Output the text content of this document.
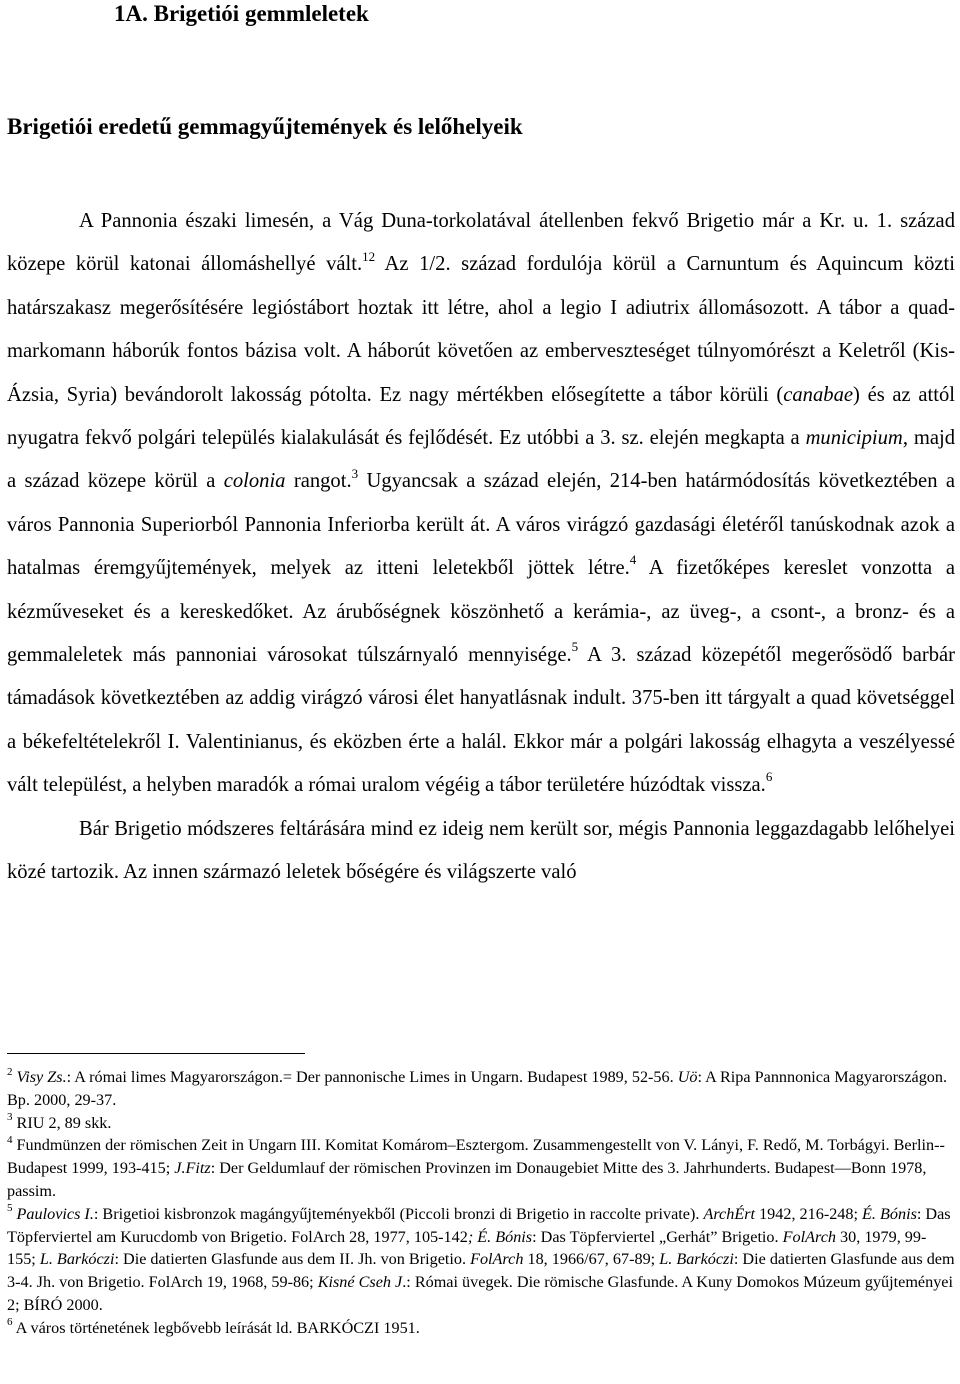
1A. Brigetiói gemmleletek
Brigetiói eredetű gemmagyűjtemények és lelőhelyeik

A Pannonia északi limesén, a Vág Duna-torkolatával átellenben fekvő Brigetio már a Kr. u. 1. század közepe körül katonai állomáshellyé vált.$^{12}$ Az 1/2. század fordulója körül a Carnuntum és Aquincum közti határszakasz megerősítésére legióstábort hoztak itt létre, ahol a legio I adiutrix állomásozott. A tábor a quad-markomann háborúk fontos bázisa volt. A háborút követően az emberveszteséget túlnyomórészt a Keletről (Kis-Ázsia, Syria) bevándorolt lakosság pótolta. Ez nagy mértékben elősegítette a tábor körüli (canabae) és az attól nyugatra fekvő polgári település kialakulását és fejlődését. Ez utóbbi a 3. sz. elején megkapta a municipium, majd a század közepe körül a colonia rangot.$^3$ Ugyancsak a század elején, 214-ben határmódosítás következtében a város Pannonia Superiorból Pannonia Inferiorba került át. A város virágzó gazdasági életéről tanúskodnak azok a hatalmas éremgyűjtemények, melyek az itteni leletekből jöttek létre.$^4$ A fizetőképes kereslet vonzotta a kézműveseket és a kereskedőket. Az árubőségnek köszönhető a kerámia-, az üveg-, a csont-, a bronz- és a gemmaleletek más pannoniai városokat túlszárnyaló mennyisége.$^5$ A 3. század közepétől megerősödő barbár támadások következtében az addig virágzó városi élet hanyatlásnak indult. 375-ben itt tárgyalt a quad követséggel a békefeltételekről I. Valentinianus, és eközben érte a halál. Ekkor már a polgári lakosság elhagyta a veszélyessé vált települést, a helyben maradók a római uralom végéig a tábor területére húzódtak vissza.$^6$

Bár Brigetio módszeres feltárására mind ez ideig nem került sor, mégis Pannonia leggazdagabb lelőhelyei közé tartozik. Az innen származó leletek bőségére és világszerte való

$^2$ Visy Zs.: A római limes Magyarországon.= Der pannonische Limes in Ungarn. Budapest 1989, 52-56. Uö: A Ripa Pannnonica Magyarországon. Bp. 2000, 29-37.

$^3$ RIU 2, 89 skk.

$^4$ Fundmünzen der römischen Zeit in Ungarn III. Komitat Komárom–Esztergom. Zusammengestellt von V. Lányi, F. Redő, M. Torbágyi. Berlin--Budapest 1999, 193-415; J.Fitz: Der Geldumlauf der römischen Provinzen im Donaugebiet Mitte des 3. Jahrhunderts. Budapest—Bonn 1978, passim.

$^5$ Paulovics I.: Brigetioi kisbronzok magángyűjteményekből (Piccoli bronzi di Brigetio in raccolte private). ArchÉrt 1942, 216-248; É. Bónis: Das Töpferviertel am Kurucdomb von Brigetio. FolArch 28, 1977, 105-142; É. Bónis: Das Töpferviertel „Gerhát” Brigetio. FolArch 30, 1979, 99-155; L. Barkóczi: Die datierten Glasfunde aus dem II. Jh. von Brigetio. FolArch 18, 1966/67, 67-89; L. Barkóczi: Die datierten Glasfunde aus dem 3-4. Jh. von Brigetio. FolArch 19, 1968, 59-86; Kisné Cseh J.: Római üvegek. Die römische Glasfunde. A Kuny Domokos Múzeum gyűjteményei 2; BÍRÓ 2000.

$^6$ A város történetének legbővebb leírását ld. BARKÓCZI 1951.
